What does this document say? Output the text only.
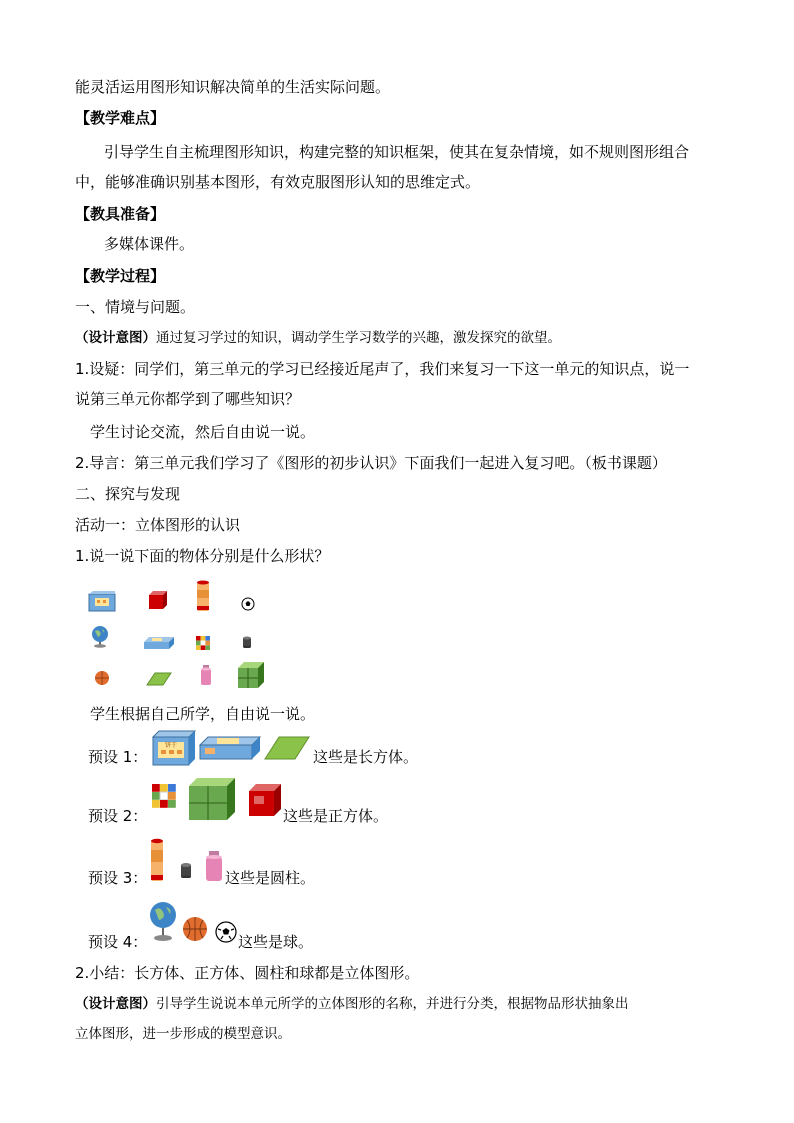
能灵活运用图形知识解决简单的生活实际问题。
【教学难点】
引导学生自主梳理图形知识，构建完整的知识框架，使其在复杂情境，如不规则图形组合
中，能够准确识别基本图形，有效克服图形认知的思维定式。
【教具准备】
多媒体课件。
【教学过程】
一、情境与问题。
（设计意图）通过复习学过的知识，调动学生学习数学的兴趣，激发探究的欲望。
1.设疑：同学们，第三单元的学习已经接近尾声了，我们来复习一下这一单元的知识点，说一
说第三单元你都学到了哪些知识？
学生讨论交流，然后自由说一说。
2.导言：第三单元我们学习了《图形的初步认识》下面我们一起进入复习吧。（板书课题）
二、探究与发现
活动一：立体图形的认识
1.说一说下面的物体分别是什么形状？
学生根据自己所学，自由说一说。
预设 1：
饼干
这些是长方体。
预设 2：	这些是正方体。
预设 3：	这些是圆柱。
预设 4：	这些是球。
2.小结：长方体、正方体、圆柱和球都是立体图形。
（设计意图）引导学生说说本单元所学的立体图形的名称，并进行分类，根据物品形状抽象出
立体图形，进一步形成的模型意识。
